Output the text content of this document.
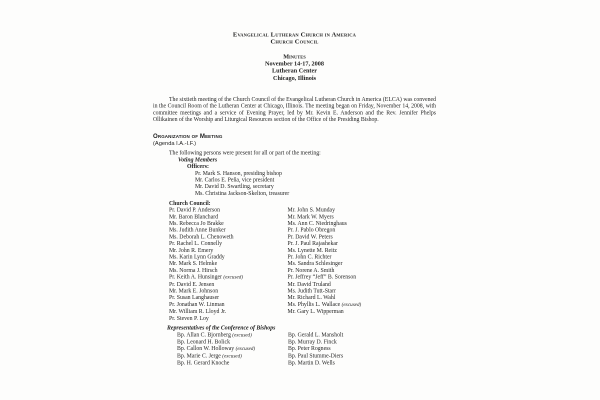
Evangelical Lutheran Church in America
Church Council
Minutes
November 14-17, 2008
Lutheran Center
Chicago, Illinois
The sixtieth meeting of the Church Council of the Evangelical Lutheran Church in America (ELCA) was convened in the Council Room of the Lutheran Center at Chicago, Illinois. The meeting began on Friday, November 14, 2008, with committee meetings and a service of Evening Prayer, led by Mr. Kevin E. Anderson and the Rev. Jennifer Phelps Ollikainen of the Worship and Liturgical Resources section of the Office of the Presiding Bishop.
Organization of Meeting
(Agenda I.A.-I.F.)
The following persons were present for all or part of the meeting:
Voting Members
Officers:
Pr. Mark S. Hanson, presiding bishop
Mr. Carlos E. Peña, vice president
Mr. David D. Swartling, secretary
Ms. Christina Jackson-Skelton, treasurer
Church Council:
Pr. David P. Anderson	Mr. John S. Munday
Mr. Baron Blanchard	Mr. Mark W. Myers
Ms. Rebecca Jo Brakke	Ms. Ann C. Niedringhaus
Ms. Judith Anne Bunker	Pr. J. Pablo Obregon
Ms. Deborah L. Chenoweth	Pr. David W. Peters
Pr. Rachel L. Connelly	Pr. J. Paul Rajashekar
Mr. John R. Emery	Ms. Lynette M. Reitz
Ms. Karin Lynn Graddy	Pr. John C. Richter
Mr. Mark S. Helmke	Ms. Sandra Schlesinger
Ms. Norma J. Hirsch	Pr. Norene A. Smith
Pr. Keith A. Hunsinger (excused)	Pr. Jeffrey “Jeff” B. Sorenson
Pr. David E. Jensen	Mr. David Truland
Mr. Mark E. Johnson	Ms. Judith Tutt-Starr
Pr. Susan Langhauser	Mr. Richard L. Wahl
Pr. Jonathan W. Linman	Ms. Phyllis L. Wallace (excused)
Mr. William R. Lloyd Jr.	Mr. Gary L. Wipperman
Pr. Steven P. Loy
Representatives of the Conference of Bishops
Bp. Allan C. Bjornberg (excused)	Bp. Gerald L. Mansholt
Bp. Leonard H. Bolick	Bp. Murray D. Finck
Bp. Callon W. Holloway (excused)	Bp. Peter Rogness
Bp. Marie C. Jerge (excused)	Bp. Paul Stumme-Diers
Bp. H. Gerard Knoche	Bp. Martin D. Wells
